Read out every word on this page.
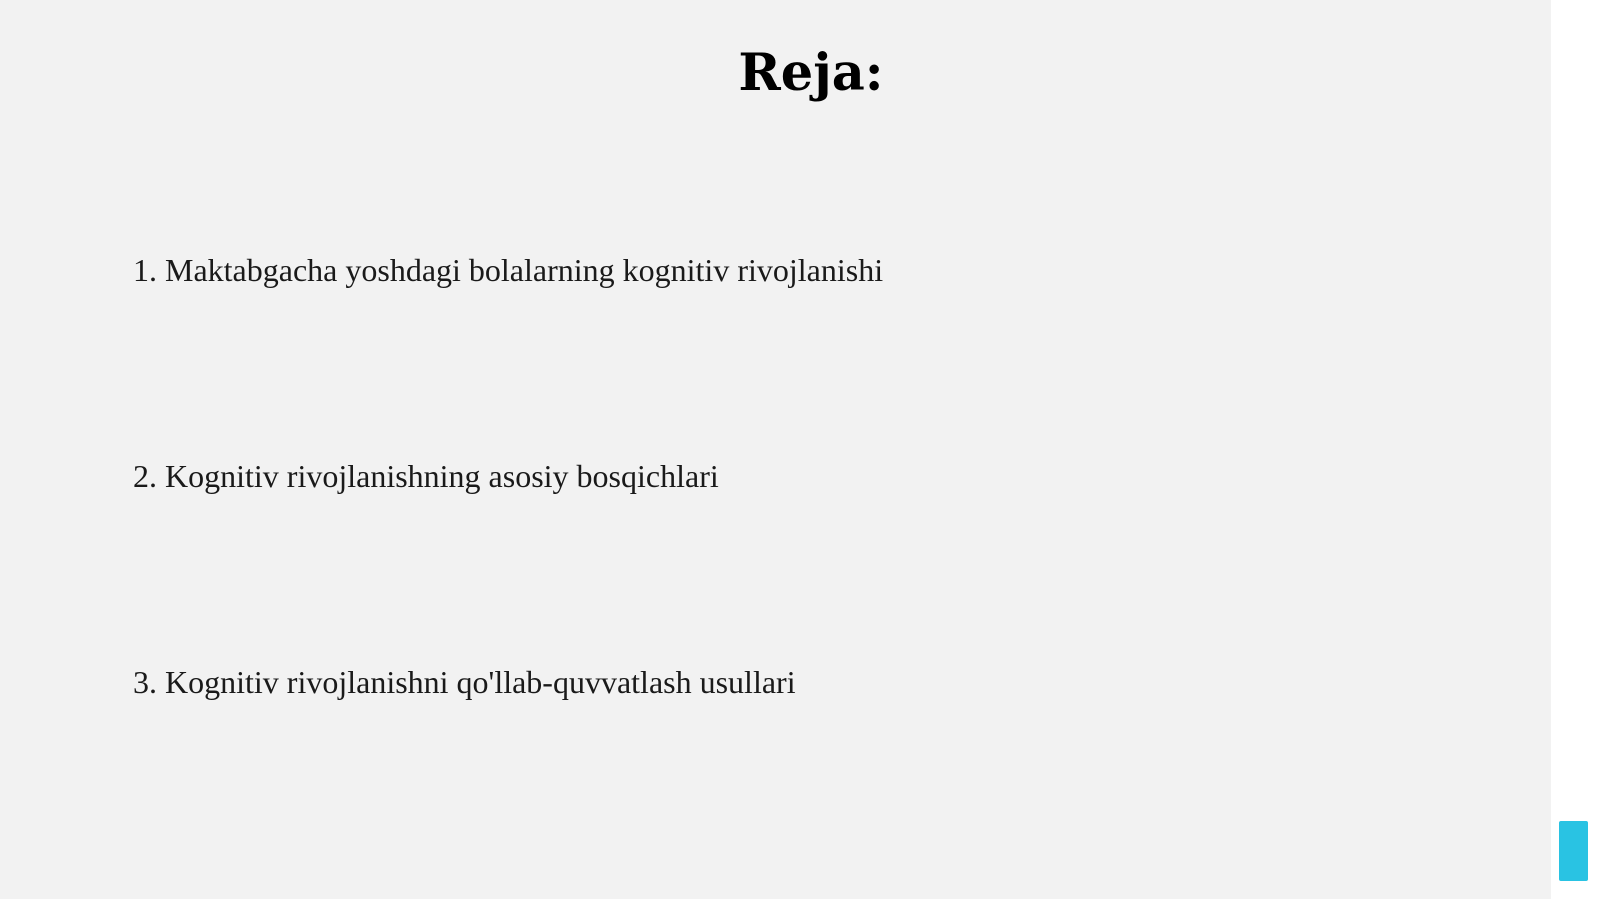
Reja:
1. Maktabgacha yoshdagi bolalarning kognitiv rivojlanishi
2. Kognitiv rivojlanishning asosiy bosqichlari
3. Kognitiv rivojlanishni qo'llab-quvvatlash usullari
